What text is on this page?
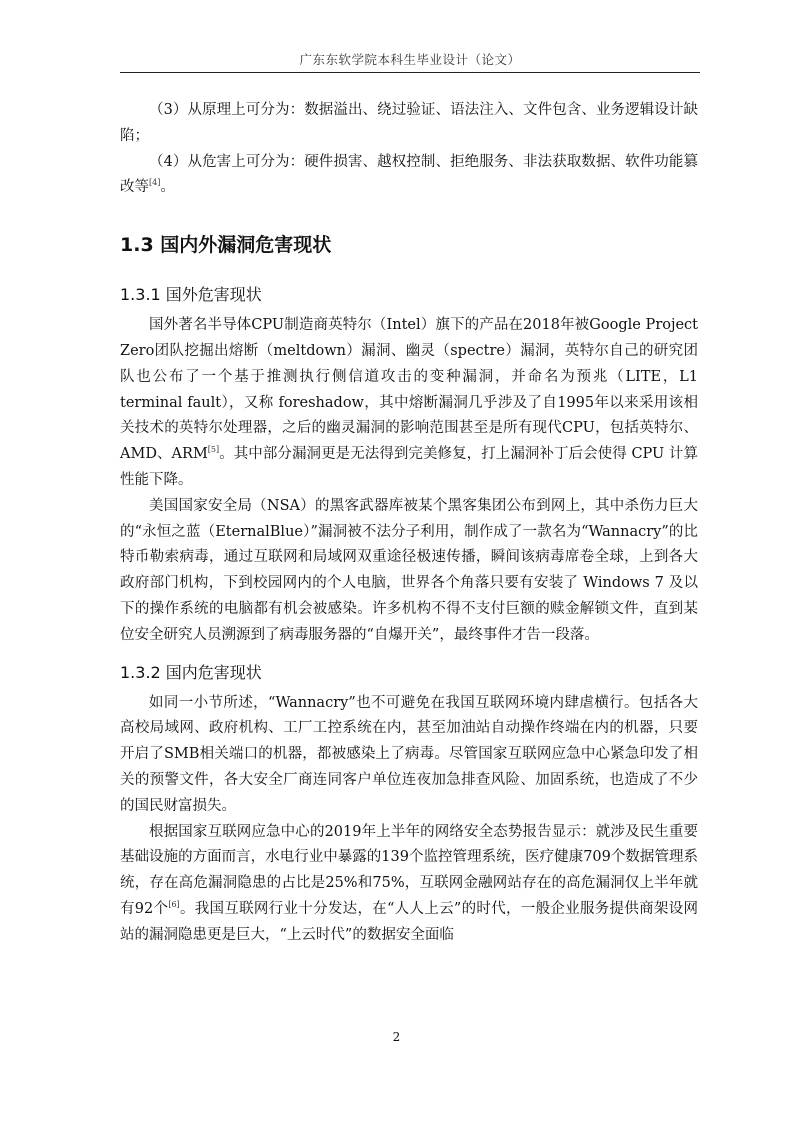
广东东软学院本科生毕业设计（论文）

（3）从原理上可分为：数据溢出、绕过验证、语法注入、文件包含、业务逻辑设计缺陷；

（4）从危害上可分为：硬件损害、越权控制、拒绝服务、非法获取数据、软件功能篡改等[4]。

1.3 国内外漏洞危害现状
1.3.1 国外危害现状

国外著名半导体CPU制造商英特尔（Intel）旗下的产品在2018年被Google Project Zero团队挖掘出熔断（meltdown）漏洞、幽灵（spectre）漏洞，英特尔自己的研究团队也公布了一个基于推测执行侧信道攻击的变种漏洞，并命名为预兆（LITE，L1 terminal fault），又称 foreshadow，其中熔断漏洞几乎涉及了自1995年以来采用该相关技术的英特尔处理器，之后的幽灵漏洞的影响范围甚至是所有现代CPU，包括英特尔、AMD、ARM[5]。其中部分漏洞更是无法得到完美修复，打上漏洞补丁后会使得 CPU 计算性能下降。

美国国家安全局（NSA）的黑客武器库被某个黑客集团公布到网上，其中杀伤力巨大的“永恒之蓝（EternalBlue）”漏洞被不法分子利用，制作成了一款名为“Wannacry”的比特币勒索病毒，通过互联网和局域网双重途径极速传播，瞬间该病毒席卷全球，上到各大政府部门机构，下到校园网内的个人电脑，世界各个角落只要有安装了 Windows 7 及以下的操作系统的电脑都有机会被感染。许多机构不得不支付巨额的赎金解锁文件，直到某位安全研究人员溯源到了病毒服务器的“自爆开关”，最终事件才告一段落。

1.3.2 国内危害现状

如同一小节所述，“Wannacry”也不可避免在我国互联网环境内肆虐横行。包括各大高校局域网、政府机构、工厂工控系统在内，甚至加油站自动操作终端在内的机器，只要开启了SMB相关端口的机器，都被感染上了病毒。尽管国家互联网应急中心紧急印发了相关的预警文件，各大安全厂商连同客户单位连夜加急排查风险、加固系统，也造成了不少的国民财富损失。

根据国家互联网应急中心的2019年上半年的网络安全态势报告显示：就涉及民生重要基础设施的方面而言，水电行业中暴露的139个监控管理系统，医疗健康709个数据管理系统，存在高危漏洞隐患的占比是25%和75%，互联网金融网站存在的高危漏洞仅上半年就有92个[6]。我国互联网行业十分发达，在“人人上云”的时代，一般企业服务提供商架设网站的漏洞隐患更是巨大，“上云时代”的数据安全面临

2
